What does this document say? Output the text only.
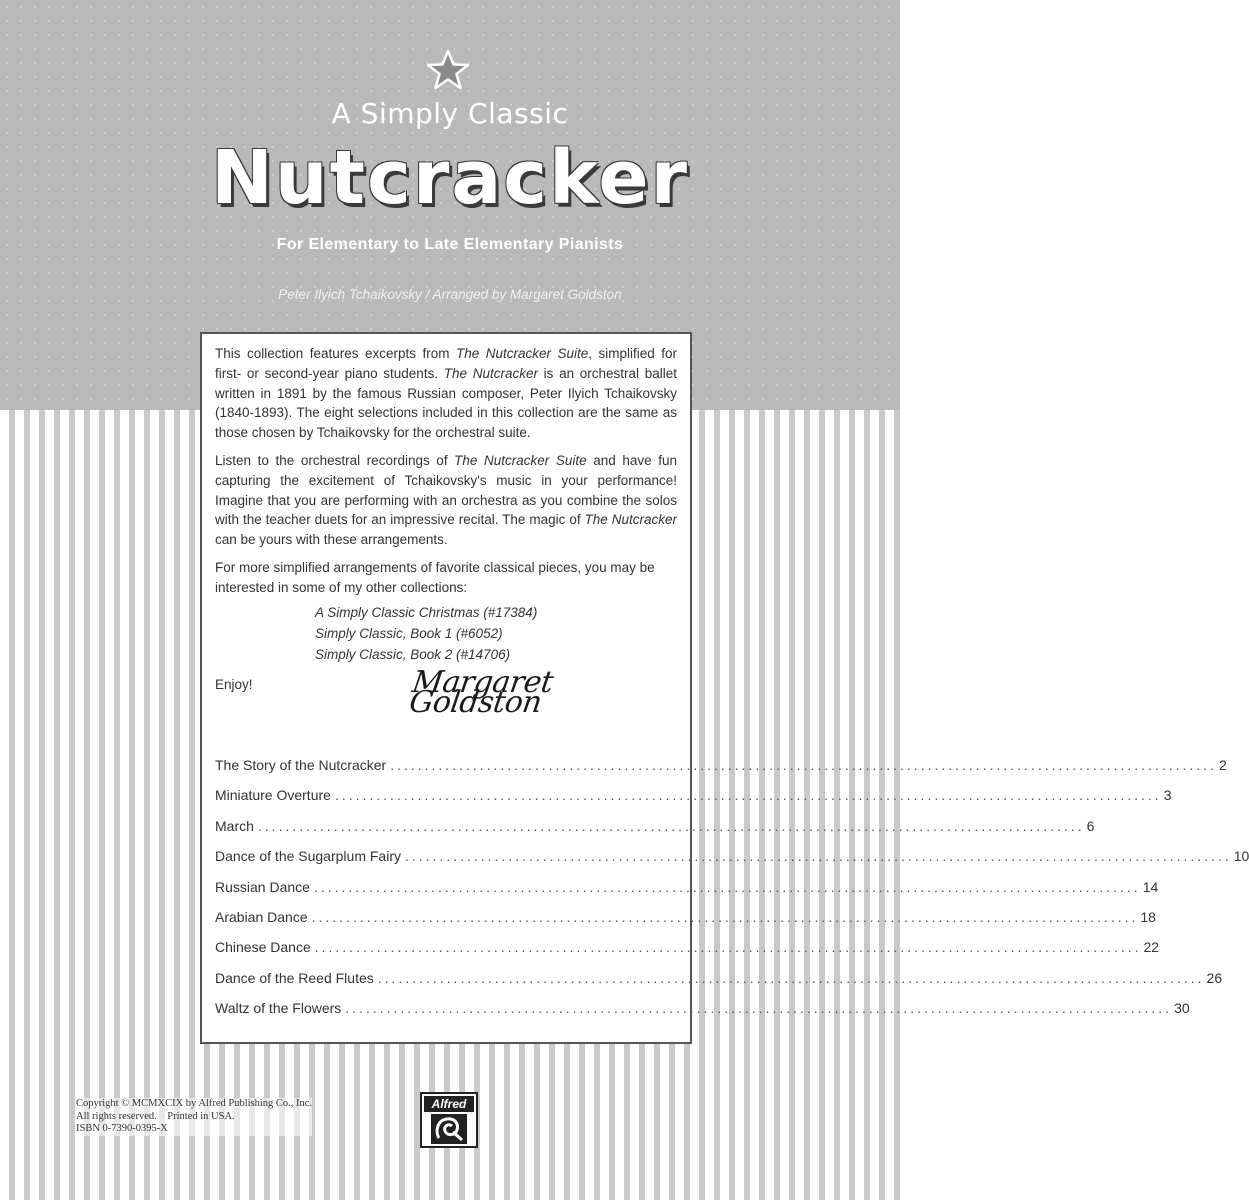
A Simply Classic
Nutcracker
For Elementary to Late Elementary Pianists
Peter Ilyich Tchaikovsky / Arranged by Margaret Goldston

This collection features excerpts from The Nutcracker Suite, simplified for first- or second-year piano students. The Nutcracker is an orchestral ballet written in 1891 by the famous Russian composer, Peter Ilyich Tchaikovsky (1840-1893). The eight selections included in this collection are the same as those chosen by Tchaikovsky for the orchestral suite.

Listen to the orchestral recordings of The Nutcracker Suite and have fun capturing the excitement of Tchaikovsky's music in your performance! Imagine that you are performing with an orchestra as you combine the solos with the teacher duets for an impressive recital. The magic of The Nutcracker can be yours with these arrangements.

For more simplified arrangements of favorite classical pieces, you may be interested in some of my other collections:

A Simply Classic Christmas (#17384)
Simply Classic, Book 1 (#6052)
Simply Classic, Book 2 (#14706)
Enjoy!	Margaret Goldston
The Story of the Nutcracker ........................................................................................................................ 2
Miniature Overture ........................................................................................................................ 3
March ........................................................................................................................ 6
Dance of the Sugarplum Fairy ........................................................................................................................ 10
Russian Dance ........................................................................................................................ 14
Arabian Dance ........................................................................................................................ 18
Chinese Dance ........................................................................................................................ 22
Dance of the Reed Flutes ........................................................................................................................ 26
Waltz of the Flowers ........................................................................................................................ 30
Copyright © MCMXCIX by Alfred Publishing Co., Inc.
All rights reserved.    Printed in USA.
ISBN 0-7390-0395-X
Alfred
